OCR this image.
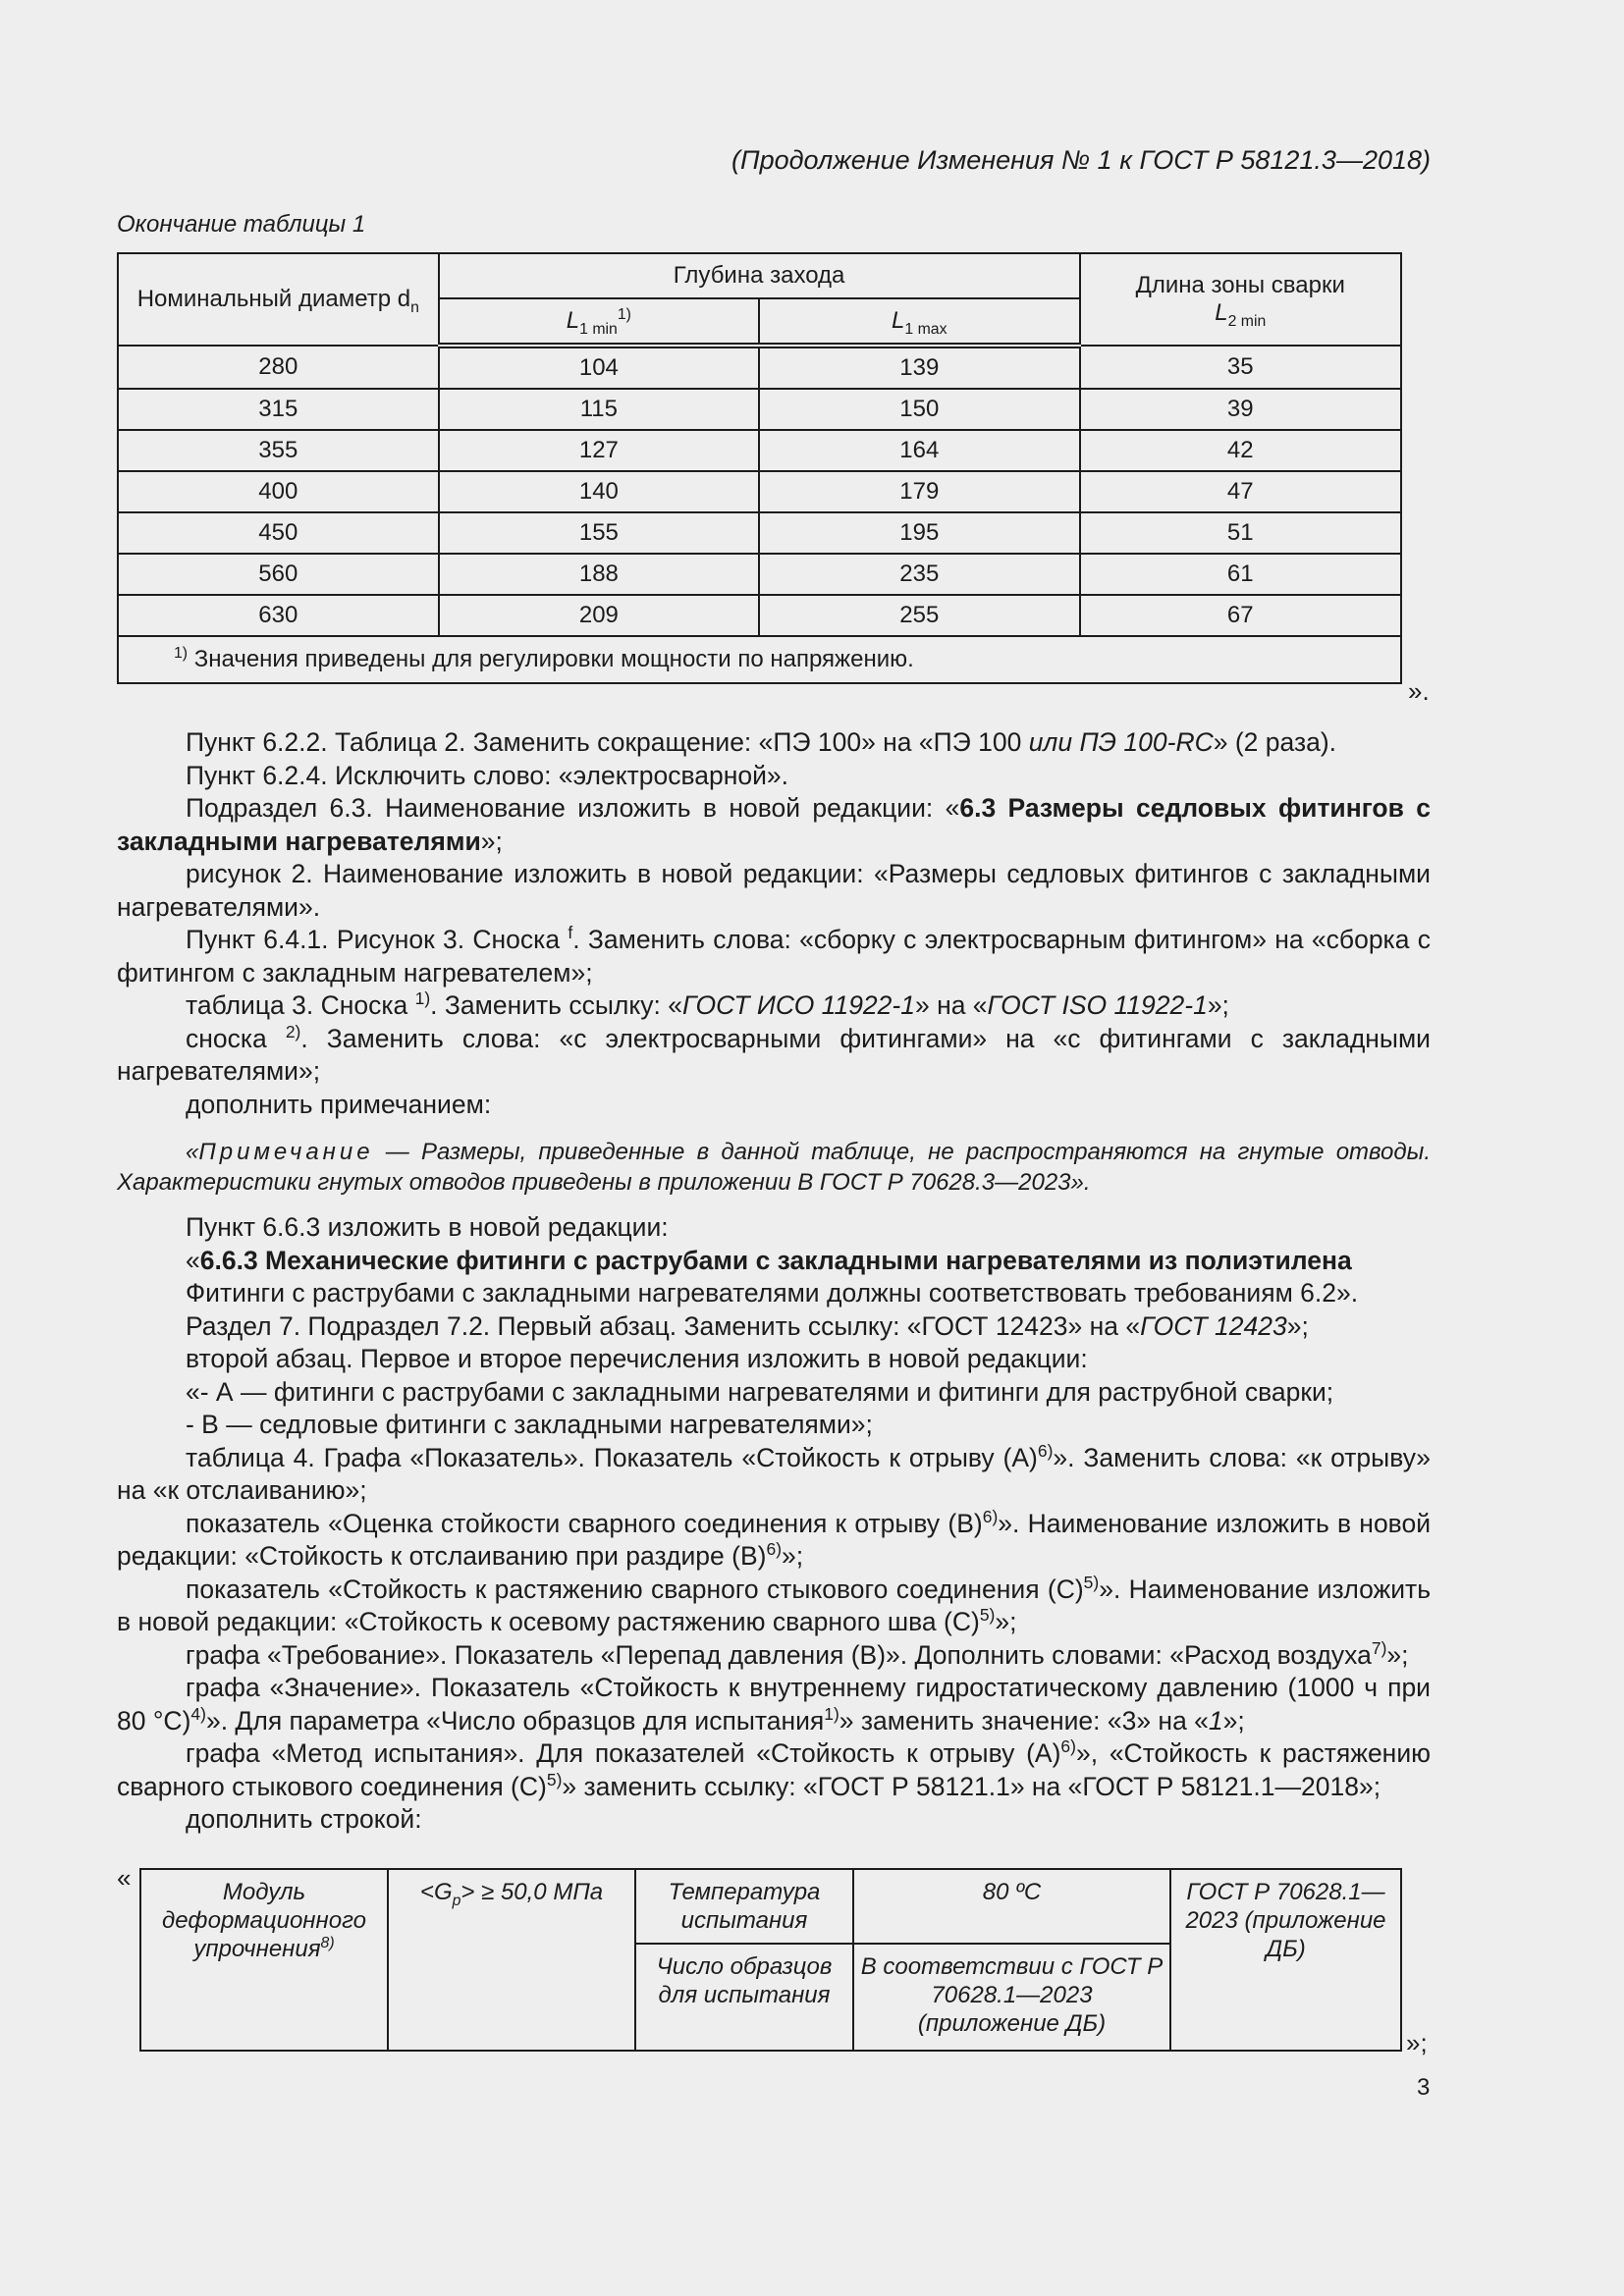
(Продолжение Изменения № 1 к ГОСТ Р 58121.3—2018)
Окончание таблицы 1
Номинальный диаметр $d_n$	Глубина захода		Длина зоны сварки
$L_{2 min}$
	$L_{1 min}^{1)}$	$L_{1 max}$
280	104	139	35
315	115	150	39
355	127	164	42
400	140	179	47
450	155	195	51
560	188	235	61
630	209	255	67
$^{1)}$ Значения приведены для регулировки мощности по напряжению.			
».

Пункт 6.2.2. Таблица 2. Заменить сокращение: «ПЭ 100» на «ПЭ 100 или ПЭ 100-RC» (2 раза).

Пункт 6.2.4. Исключить слово: «электросварной».

Подраздел 6.3. Наименование изложить в новой редакции: «6.3 Размеры седловых фитингов с закладными нагревателями»;

рисунок 2. Наименование изложить в новой редакции: «Размеры седловых фитингов с закладными нагревателями».

Пункт 6.4.1. Рисунок 3. Сноска $^f$. Заменить слова: «сборку с электросварным фитингом» на «сборка с фитингом с закладным нагревателем»;

таблица 3. Сноска $^{1)}$. Заменить ссылку: «ГОСТ ИСО 11922-1» на «ГОСТ ISO 11922-1»;

сноска $^{2)}$. Заменить слова: «с электросварными фитингами» на «с фитингами с закладными нагревателями»;

дополнить примечанием:

«Примечание — Размеры, приведенные в данной таблице, не распространяются на гнутые отводы. Характеристики гнутых отводов приведены в приложении В ГОСТ Р 70628.3—2023».

Пункт 6.6.3 изложить в новой редакции:

«6.6.3 Механические фитинги с раструбами с закладными нагревателями из полиэтилена

Фитинги с раструбами с закладными нагревателями должны соответствовать требованиям 6.2».

Раздел 7. Подраздел 7.2. Первый абзац. Заменить ссылку: «ГОСТ 12423» на «ГОСТ 12423»;

второй абзац. Первое и второе перечисления изложить в новой редакции:

«- А — фитинги с раструбами с закладными нагревателями и фитинги для раструбной сварки;

- В — седловые фитинги с закладными нагревателями»;

таблица 4. Графа «Показатель». Показатель «Стойкость к отрыву $(А)^{6)}$». Заменить слова: «к отрыву» на «к отслаиванию»;

показатель «Оценка стойкости сварного соединения к отрыву $(В)^{6)}$». Наименование изложить в новой редакции: «Стойкость к отслаиванию при раздире $(В)^{6)}$»;

показатель «Стойкость к растяжению сварного стыкового соединения $(С)^{5)}$». Наименование изложить в новой редакции: «Стойкость к осевому растяжению сварного шва $(С)^{5)}$»;

графа «Требование». Показатель «Перепад давления (В)». Дополнить словами: «Расход воздуха$^{7)}$»;

графа «Значение». Показатель «Стойкость к внутреннему гидростатическому давлению (1000 ч при 80 °С)$^{4)}$». Для параметра «Число образцов для испытания$^{1)}$» заменить значение: «3» на «1»;

графа «Метод испытания». Для показателей «Стойкость к отрыву $(А)^{6)}$», «Стойкость к растяжению сварного стыкового соединения $(С)^{5)}$» заменить ссылку: «ГОСТ Р 58121.1» на «ГОСТ Р 58121.1—2018»;

дополнить строкой:

«	Модуль деформационного упрочнения$^{8)}$	$<G_p> \ge 50,0$ МПа	Температура испытания	80 ºС	ГОСТ Р 70628.1—2023 (приложение ДБ)
		Число образцов для испытания	В соответствии с ГОСТ Р 70628.1—2023 (приложение ДБ)	
»;
3
